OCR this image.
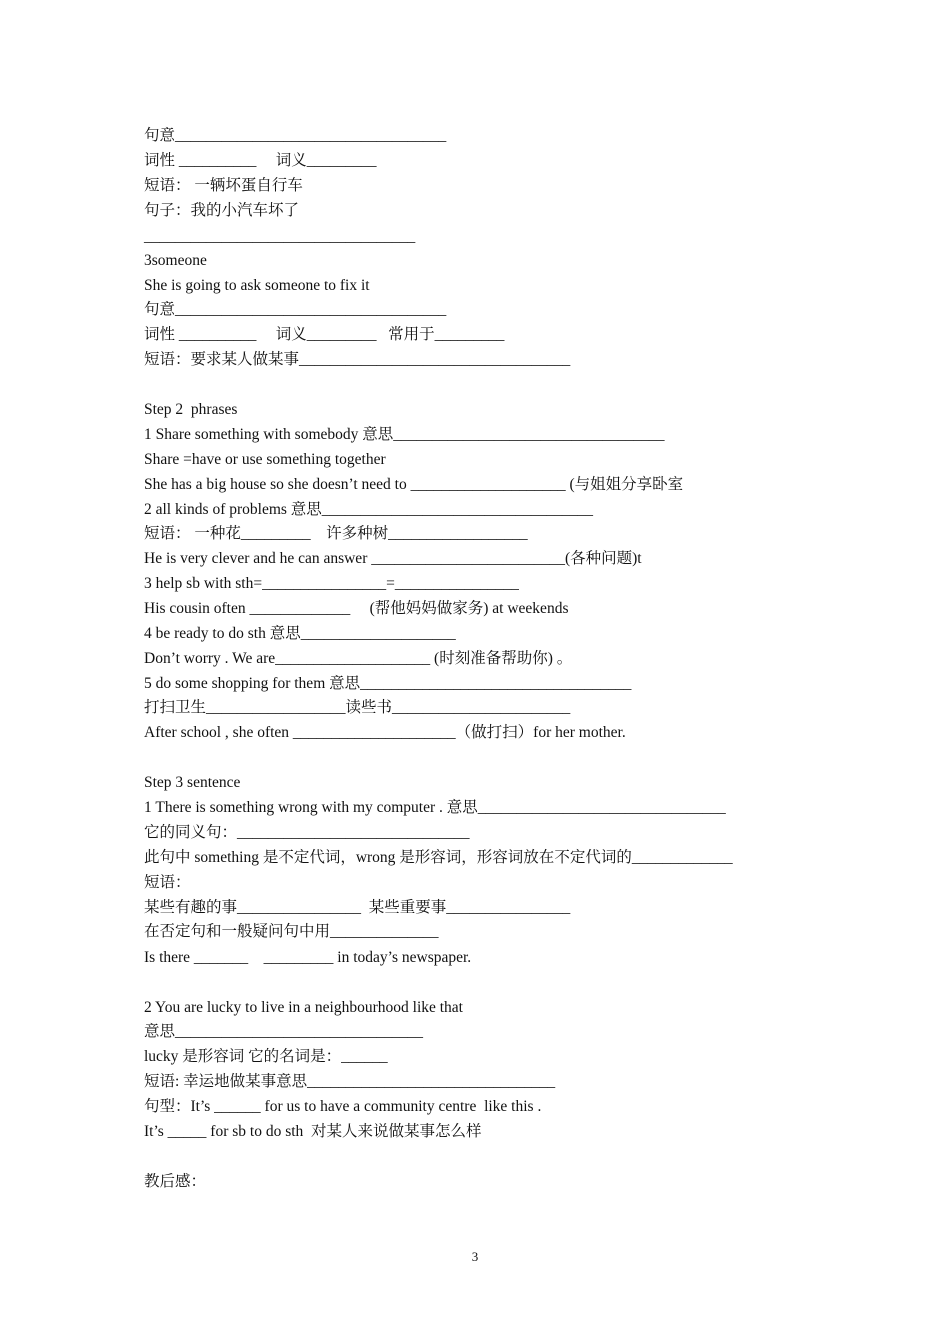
句意___________________________________
词性 __________     词义_________
短语： 一辆坏蛋自行车
句子：我的小汽车坏了
___________________________________
3someone
She is going to ask someone to fix it
句意___________________________________
词性 __________     词义_________   常用于_________
短语：要求某人做某事___________________________________
Step 2  phrases
1 Share something with somebody 意思___________________________________
Share =have or use something together
She has a big house so she doesn’t need to ____________________ (与姐姐分享卧室
2 all kinds of problems 意思___________________________________
短语： 一种花_________    许多种树__________________
He is very clever and he can answer _________________________(各种问题)t
3 help sb with sth=________________=________________
His cousin often _____________     (帮他妈妈做家务) at weekends
4 be ready to do sth 意思____________________
Don’t worry . We are____________________ (时刻准备帮助你) 。
5 do some shopping for them 意思___________________________________
打扫卫生__________________读些书_______________________
After school , she often _____________________（做打扫）for her mother.
Step 3 sentence
1 There is something wrong with my computer . 意思________________________________
它的同义句：______________________________
此句中 something 是不定代词，wrong 是形容词，形容词放在不定代词的_____________
短语：
某些有趣的事________________  某些重要事________________
在否定句和一般疑问句中用______________
Is there _______    _________ in today’s newspaper.
2 You are lucky to live in a neighbourhood like that
意思________________________________
lucky 是形容词 它的名词是：______
短语: 幸运地做某事意思________________________________
句型：It’s ______ for us to have a community centre  like this .
It’s _____ for sb to do sth  对某人来说做某事怎么样
教后感：
3
